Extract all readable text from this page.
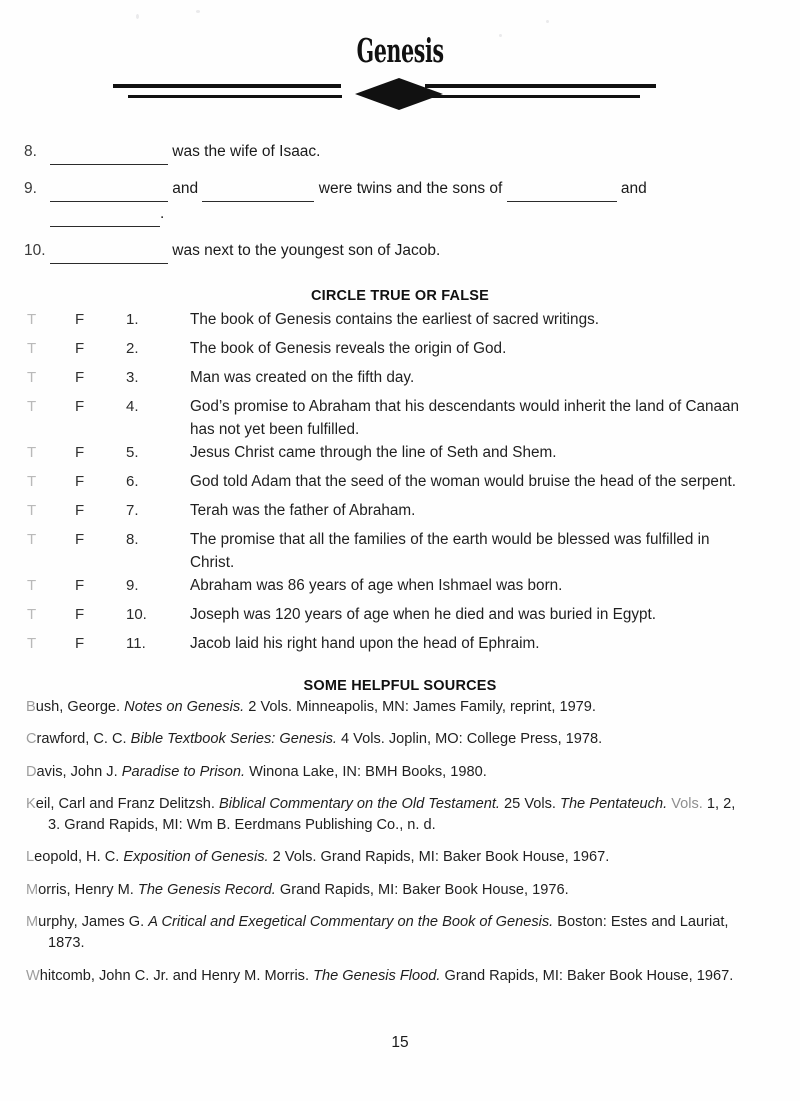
Genesis
8.	was the wife of Isaac.
9.	and	were twins and the sons of	and  .
10.	was next to the youngest son of Jacob.
CIRCLE TRUE OR FALSE
T	F	1.	The book of Genesis contains the earliest of sacred writings.
T	F	2.	The book of Genesis reveals the origin of God.
T	F	3.	Man was created on the fifth day.
T	F	4.	God’s promise to Abraham that his descendants would inherit the land of Canaan has not yet been fulfilled.
T	F	5.	Jesus Christ came through the line of Seth and Shem.
T	F	6.	God told Adam that the seed of the woman would bruise the head of the serpent.
T	F	7.	Terah was the father of Abraham.
T	F	8.	The promise that all the families of the earth would be blessed was fulfilled in Christ.
T	F	9.	Abraham was 86 years of age when Ishmael was born.
T	F	10.	Joseph was 120 years of age when he died and was buried in Egypt.
T	F	11.	Jacob laid his right hand upon the head of Ephraim.
SOME HELPFUL SOURCES
Bush, George. Notes on Genesis. 2 Vols. Minneapolis, MN: James Family, reprint, 1979.
Crawford, C. C. Bible Textbook Series: Genesis. 4 Vols. Joplin, MO: College Press, 1978.
Davis, John J. Paradise to Prison. Winona Lake, IN: BMH Books, 1980.
Keil, Carl and Franz Delitzsh. Biblical Commentary on the Old Testament. 25 Vols. The Pentateuch. Vols. 1, 2, 3. Grand Rapids, MI: Wm B. Eerdmans Publishing Co., n. d.
Leopold, H. C. Exposition of Genesis. 2 Vols. Grand Rapids, MI: Baker Book House, 1967.
Morris, Henry M. The Genesis Record. Grand Rapids, MI: Baker Book House, 1976.
Murphy, James G. A Critical and Exegetical Commentary on the Book of Genesis. Boston: Estes and Lauriat, 1873.
Whitcomb, John C. Jr. and Henry M. Morris. The Genesis Flood. Grand Rapids, MI: Baker Book House, 1967.
15
